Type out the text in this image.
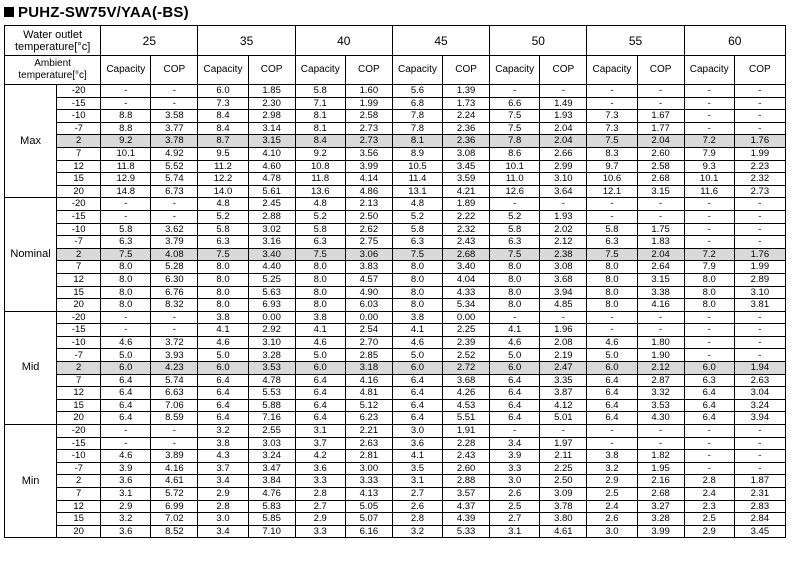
PUHZ-SW75V/YAA(-BS)
Water outlet temperature[°c]		25		35		40		45		50		55		60	
Ambient temperature[°c]		Capacity	COP	Capacity	COP	Capacity	COP	Capacity	COP	Capacity	COP	Capacity	COP	Capacity	COP
Max	-20	-	-	6.0	1.85	5.8	1.60	5.6	1.39	-	-	-	-	-	-
	-15	-	-	7.3	2.30	7.1	1.99	6.8	1.73	6.6	1.49	-	-	-	-
	-10	8.8	3.58	8.4	2.98	8.1	2.58	7.8	2.24	7.5	1.93	7.3	1.67	-	-
	-7	8.8	3.77	8.4	3.14	8.1	2.73	7.8	2.36	7.5	2.04	7.3	1.77	-	-
	2	9.2	3.78	8.7	3.15	8.4	2.73	8.1	2.36	7.8	2.04	7.5	2.04	7.2	1.76
	7	10.1	4.92	9.5	4.10	9.2	3.56	8.9	3.08	8.6	2.66	8.3	2.60	7.9	1.99
	12	11.8	5.52	11.2	4.60	10.8	3.99	10.5	3.45	10.1	2.99	9.7	2.58	9.3	2.23
	15	12.9	5.74	12.2	4.78	11.8	4.14	11.4	3.59	11.0	3.10	10.6	2.68	10.1	2.32
	20	14.8	6.73	14.0	5.61	13.6	4.86	13.1	4.21	12.6	3.64	12.1	3.15	11.6	2.73
Nominal	-20	-	-	4.8	2.45	4.8	2.13	4.8	1.89	-	-	-	-	-	-
	-15	-	-	5.2	2.88	5.2	2.50	5.2	2.22	5.2	1.93	-	-	-	-
	-10	5.8	3.62	5.8	3.02	5.8	2.62	5.8	2.32	5.8	2.02	5.8	1.75	-	-
	-7	6.3	3.79	6.3	3.16	6.3	2.75	6.3	2.43	6.3	2.12	6.3	1.83	-	-
	2	7.5	4.08	7.5	3.40	7.5	3.06	7.5	2.68	7.5	2.38	7.5	2.04	7.2	1.76
	7	8.0	5.28	8.0	4.40	8.0	3.83	8.0	3.40	8.0	3.08	8.0	2.64	7.9	1.99
	12	8.0	6.30	8.0	5.25	8.0	4.57	8.0	4.04	8.0	3.68	8.0	3.15	8.0	2.89
	15	8.0	6.76	8.0	5.63	8.0	4.90	8.0	4.33	8.0	3.94	8.0	3.38	8.0	3.10
	20	8.0	8.32	8.0	6.93	8.0	6.03	8.0	5.34	8.0	4.85	8.0	4.16	8.0	3.81
Mid	-20	-	-	3.8	0.00	3.8	0.00	3.8	0.00	-	-	-	-	-	-
	-15	-	-	4.1	2.92	4.1	2.54	4.1	2.25	4.1	1.96	-	-	-	-
	-10	4.6	3.72	4.6	3.10	4.6	2.70	4.6	2.39	4.6	2.08	4.6	1.80	-	-
	-7	5.0	3.93	5.0	3.28	5.0	2.85	5.0	2.52	5.0	2.19	5.0	1.90	-	-
	2	6.0	4.23	6.0	3.53	6.0	3.18	6.0	2.72	6.0	2.47	6.0	2.12	6.0	1.94
	7	6.4	5.74	6.4	4.78	6.4	4.16	6.4	3.68	6.4	3.35	6.4	2.87	6.3	2.63
	12	6.4	6.63	6.4	5.53	6.4	4.81	6.4	4.26	6.4	3.87	6.4	3.32	6.4	3.04
	15	6.4	7.06	6.4	5.88	6.4	5.12	6.4	4.53	6.4	4.12	6.4	3.53	6.4	3.24
	20	6.4	8.59	6.4	7.16	6.4	6.23	6.4	5.51	6.4	5.01	6.4	4.30	6.4	3.94
Min	-20	-	-	3.2	2.55	3.1	2.21	3.0	1.91	-	-	-	-	-	-
	-15	-	-	3.8	3.03	3.7	2.63	3.6	2.28	3.4	1.97	-	-	-	-
	-10	4.6	3.89	4.3	3.24	4.2	2.81	4.1	2.43	3.9	2.11	3.8	1.82	-	-
	-7	3.9	4.16	3.7	3.47	3.6	3.00	3.5	2.60	3.3	2.25	3.2	1.95	-	-
	2	3.6	4.61	3.4	3.84	3.3	3.33	3.1	2.88	3.0	2.50	2.9	2.16	2.8	1.87
	7	3.1	5.72	2.9	4.76	2.8	4.13	2.7	3.57	2.6	3.09	2.5	2.68	2.4	2.31
	12	2.9	6.99	2.8	5.83	2.7	5.05	2.6	4.37	2.5	3.78	2.4	3.27	2.3	2.83
	15	3.2	7.02	3.0	5.85	2.9	5.07	2.8	4.39	2.7	3.80	2.6	3.28	2.5	2.84
	20	3.6	8.52	3.4	7.10	3.3	6.16	3.2	5.33	3.1	4.61	3.0	3.99	2.9	3.45
